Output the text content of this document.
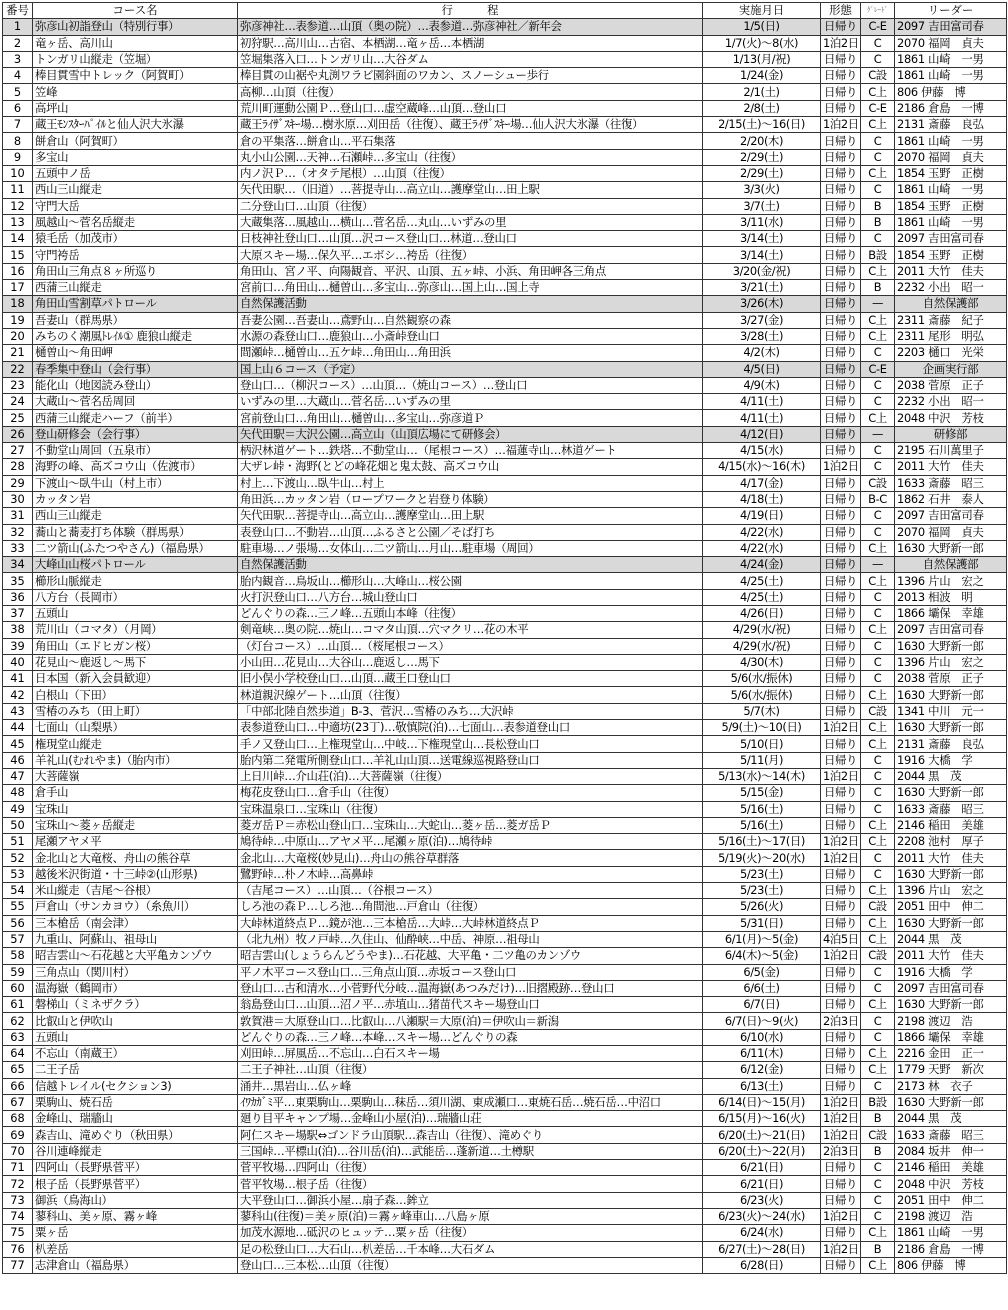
番号	コース名	行　　　程	実施月日	形態	ｸﾞﾚｰﾄﾞ	リーダー
1	弥彦山初詣登山（特別行事）	弥彦神社…表参道…山頂（奥の院）…表参道…弥彦神社／新年会	1/5(日)	日帰り	C-E	2097 吉田富司春
2	竜ヶ岳、高川山	初狩駅…高川山…古宿、本栖湖…竜ヶ岳…本栖湖	1/7(火)～8(水)	1泊2日	C	2070 福岡　貞夫
3	トンガリ山縦走（笠堀）	笠堀集落入口…トンガリ山…大谷ダム	1/13(月/祝)	日帰り	C	1861 山崎　一男
4	棒目貫雪中トレック（阿賀町）	棒目貫の山裾や丸渕ワラビ園斜面のワカン、スノーシュー歩行	1/24(金)	日帰り	C設	1861 山崎　一男
5	笠峰	高柳…山頂（往復）	2/1(土)	日帰り	C上	806 伊藤　博
6	高坪山	荒川町運動公園Ｐ…登山口…虚空蔵峰…山頂…登山口	2/8(土)	日帰り	C-E	2186 倉島　一博
7	蔵王ﾓﾝｽﾀｰﾊﾟｲﾙと仙人沢大氷瀑	蔵王ﾗｲｻﾞｽｷｰ場…樹氷原…刈田岳（往復）、蔵王ﾗｲｻﾞｽｷｰ場…仙人沢大氷瀑（往復）	2/15(土)～16(日)	1泊2日	C上	2131 斎藤　良弘
8	餅倉山（阿賀町）	倉の平集落…餅倉山…平石集落	2/20(木)	日帰り	C	1861 山崎　一男
9	多宝山	丸小山公園…天神…石瀬峠…多宝山（往復）	2/29(土)	日帰り	C	2070 福岡　貞夫
10	五頭中ノ岳	内ノ沢Ｐ…（オタテ尾根）…山頂（往復）	2/29(土)	日帰り	C上	1854 玉野　正樹
11	西山三山縦走	矢代田駅…（旧道）…菩提寺山…高立山…護摩堂山…田上駅	3/3(火)	日帰り	C	1861 山崎　一男
12	守門大岳	二分登山口…山頂（往復）	3/7(土)	日帰り	B	1854 玉野　正樹
13	風越山～菅名岳縦走	大蔵集落…風越山…横山…菅名岳…丸山…いずみの里	3/11(水)	日帰り	B	1861 山崎　一男
14	猿毛岳（加茂市）	日枝神社登山口…山頂…沢コース登山口…林道…登山口	3/14(土)	日帰り	C	2097 吉田富司春
15	守門袴岳	大原スキー場…保久平…エボシ…袴岳（往復）	3/14(土)	日帰り	B設	1854 玉野　正樹
16	角田山三角点８ヶ所巡り	角田山、宮ノ平、向陽観音、平沢、山頂、五ヶ峠、小浜、角田岬各三角点	3/20(金/祝)	日帰り	C上	2011 大竹　佳夫
17	西蒲三山縦走	宮前口…角田山…樋曽山…多宝山…弥彦山…国上山…国上寺	3/21(土)	日帰り	B	2232 小出　昭一
18	角田山雪割草パトロール	自然保護活動	3/26(木)	日帰り	—	自然保護部
19	吾妻山（群馬県）	吾妻公園…吾妻山…鳶野山…自然観察の森	3/27(金)	日帰り	C上	2311 斎藤　紀子
20	みちのく潮風ﾄﾚｲﾙ① 鹿狼山縦走	水源の森登山口…鹿狼山…小斎峠登山口	3/28(土)	日帰り	C上	2311 尾形　明弘
21	樋曽山～角田岬	間瀬峠…樋曽山…五ケ峠…角田山…角田浜	4/2(木)	日帰り	C	2203 樋口　光栄
22	春季集中登山（会行事）	国上山６コース（予定）	4/5(日)	日帰り	C-E	企画実行部
23	能化山（地図読み登山）	登山口…（柳沢コース）…山頂…（焼山コース）…登山口	4/9(木)	日帰り	C	2038 菅原　正子
24	大蔵山～菅名岳周回	いずみの里…大蔵山…菅名岳…いずみの里	4/11(土)	日帰り	C	2232 小出　昭一
25	西蒲三山縦走ハーフ（前半）	宮前登山口…角田山…樋曽山…多宝山…弥彦道Ｐ	4/11(土)	日帰り	C上	2048 中沢　芳枝
26	登山研修会（会行事）	矢代田駅＝大沢公園…高立山（山頂広場にて研修会）	4/12(日)	日帰り	—	研修部
27	不動堂山周回（五泉市）	柄沢林道ゲート…鉄塔…不動堂山…（尾根コース）…福蓮寺山…林道ゲート	4/15(水)	日帰り	C	2195 石川萬里子
28	海野の峰、高ズコウ山（佐渡市）	大ザレ峠・海野(とどの峰花畑と鬼太鼓、高ズコウ山	4/15(水)～16(木)	1泊2日	C	2011 大竹　佳夫
29	下渡山～臥牛山（村上市）	村上…下渡山…臥牛山…村上	4/17(金)	日帰り	C設	1633 斎藤　昭三
30	カッタン岩	角田浜…カッタン岩（ロープワークと岩登り体験）	4/18(土)	日帰り	B-C	1862 石井　泰人
31	西山三山縦走	矢代田駅…菩提寺山…高立山…護摩堂山…田上駅	4/19(日)	日帰り	C	2097 吉田富司春
32	蕎山と蕎麦打ち体験（群馬県）	表登山口…不動岩…山頂…ふるさと公園／そば打ち	4/22(水)	日帰り	C	2070 福岡　貞夫
33	二ツ箭山(ふたつやさん)（福島県）	駐車場…ノ張場…女体山…二ツ箭山…月山…駐車場（周回）	4/22(水)	日帰り	C上	1630 大野新一郎
34	大峰山山桜パトロール	自然保護活動	4/24(金)	日帰り	—	自然保護部
35	櫛形山脈縦走	胎内観音…鳥坂山…櫛形山…大峰山…桜公園	4/25(土)	日帰り	C上	1396 片山　宏之
36	八方台（長岡市）	火打沢登山口…八方台…城山登山口	4/25(土)	日帰り	C	2013 相波　明
37	五頭山	どんぐりの森…三ノ峰…五頭山本峰（往復）	4/26(日)	日帰り	C	1866 壩保　幸雄
38	荒川山（コマタ）（月岡）	剣竜峡…奥の院…焼山…コマタ山頂…穴マクリ…花の木平	4/29(水/祝)	日帰り	C上	2097 吉田富司春
39	角田山（エドヒガン桜）	（灯台コース）…山頂…（桜尾根コース）	4/29(水/祝)	日帰り	C	1630 大野新一郎
40	花見山～鹿返し～馬下	小山田…花見山…大谷山…鹿返し…馬下	4/30(木)	日帰り	C	1396 片山　宏之
41	日本国（新入会員歓迎）	旧小俣小学校登山口…山頂…蔵王口登山口	5/6(水/振休)	日帰り	C	2038 菅原　正子
42	白根山（下田）	林道親沢線ゲート…山頂（往復）	5/6(水/振休)	日帰り	C上	1630 大野新一郎
43	雪椿のみち（田上町）	「中部北陸自然歩道」B-3、菅沢…雪椿のみち…大沢峠	5/7(木)	日帰り	C設	1341 中川　元一
44	七面山（山梨県）	表参道登山口…中適坊(23丁)…敬慎院(泊)…七面山…表参道登山口	5/9(土)～10(日)	1泊2日	C上	1630 大野新一郎
45	権現堂山縦走	手ノ又登山口…上権現堂山…中岐…下権現堂山…長松登山口	5/10(日)	日帰り	C上	2131 斎藤　良弘
46	羊礼山(むれやま)（胎内市）	胎内第二発電所側登山口…羊礼山山頂…送電線巡視路登山口	5/11(月)	日帰り	C	1916 大橋　学
47	大菩薩嶺	上日川峠…介山荘(泊)…大菩薩嶺（往復）	5/13(水)～14(木)	1泊2日	C	2044 黒　茂
48	倉手山	梅花皮登山口…倉手山（往復）	5/15(金)	日帰り	C	1630 大野新一郎
49	宝珠山	宝珠温泉口…宝珠山（往復）	5/16(土)	日帰り	C	1633 斎藤　昭三
50	宝珠山～菱ヶ岳縦走	菱ガ岳Ｐ＝赤松山登山口…宝珠山…大蛇山…菱ヶ岳…菱ガ岳Ｐ	5/16(土)	日帰り	C上	2146 稲田　美雄
51	尾瀬アヤメ平	鳩待峠…中原山…アヤメ平…尾瀬ヶ原(泊)…鳩待峠	5/16(土)～17(日)	1泊2日	C上	2208 池村　厚子
52	金北山と大竜桜、舟山の熊谷草	金北山…大竜桜(妙見山)…舟山の熊谷草群落	5/19(火)～20(水)	1泊2日	C	2011 大竹　佳夫
53	越後米沢街道・十三峠②(山形県)	鷺野峠…朴ノ木峠…高鼻峠	5/23(土)	日帰り	C	1630 大野新一郎
54	米山縦走（吉尾～谷根）	（吉尾コース）…山頂…（谷根コース）	5/23(土)	日帰り	C上	1396 片山　宏之
55	戸倉山（サンカヨウ）（糸魚川）	しろ池の森Ｐ…しろ池…角間池…戸倉山（往復）	5/26(火)	日帰り	C設	2051 田中　伸二
56	三本槍岳（南会津）	大峠林道終点Ｐ…鏡が池…三本槍岳…大峠…大峠林道終点Ｐ	5/31(日)	日帰り	C上	1630 大野新一郎
57	九重山、阿蘇山、祖母山	（北九州）牧ノ戸峠…久住山、仙酔峡…中岳、神原…祖母山	6/1(月)～5(金)	4泊5日	C上	2044 黒　茂
58	昭吉雲山～石花越と大平亀カンゾウ	昭吉雲山(しょうらんどうやま)…石花越、大平亀・二ツ亀のカンゾウ	6/4(木)～5(金)	1泊2日	C設	2011 大竹　佳夫
59	三角点山（関川村）	平ノ木平コース登山口…三角点山頂…赤坂コース登山口	6/5(金)	日帰り	C	1916 大橋　学
60	温海嶽（鶴岡市）	登山口…古和清水…小菅野代分岐…温海嶽(あつみだけ)…旧摺殿跡…登山口	6/6(土)	日帰り	C	2097 吉田富司春
61	磐梯山（ミネザクラ）	翁島登山口…山頂…沼ノ平…赤埴山…猪苗代スキー場登山口	6/7(日)	日帰り	C上	1630 大野新一郎
62	比叡山と伊吹山	敦賀港＝大原登山口…比叡山…八瀬駅＝大原(泊)＝伊吹山＝新潟	6/7(日)～9(火)	2泊3日	C	2198 渡辺　浩
63	五頭山	どんぐりの森…三ノ峰…本峰…スキー場…どんぐりの森	6/10(水)	日帰り	C	1866 壩保　幸雄
64	不忘山（南蔵王）	刈田峠…屏風岳…不忘山…白石スキー場	6/11(木)	日帰り	C上	2216 金田　正一
65	二王子岳	二王子神社…山頂（往復）	6/12(金)	日帰り	C上	1779 天野　新次
66	信越トレイル(セクション3)	涌井…黒岩山…仏ヶ峰	6/13(土)	日帰り	C	2173 林　衣子
67	栗駒山、焼石岳	ｲﾜｶｶﾞﾐ平…東栗駒山…栗駒山…秣岳…須川湖、東成瀬口…東焼石岳…焼石岳…中沼口	6/14(日)～15(月)	1泊2日	B設	1630 大野新一郎
68	金峰山、瑞牆山	廻り目平キャンプ場…金峰山小屋(泊)…瑞牆山荘	6/15(月)～16(火)	1泊2日	B	2044 黒　茂
69	森吉山、滝めぐり（秋田県）	阿仁スキー場駅⇔ゴンドラ山頂駅…森吉山（往復）、滝めぐり	6/20(土)～21(日)	1泊2日	C設	1633 斎藤　昭三
70	谷川連峰縦走	三国峠…平標山(泊)…谷川岳(泊)…武能岳…蓬新道…土樽駅	6/20(土)～22(月)	2泊3日	B	2084 坂井　伸一
71	四阿山（長野県菅平）	菅平牧場…四阿山（往復）	6/21(日)	日帰り	C	2146 稲田　美雄
72	根子岳（長野県菅平）	菅平牧場…根子岳（往復）	6/21(日)	日帰り	C	2048 中沢　芳枝
73	御浜（鳥海山）	大平登山口…御浜小屋…扇子森…鉾立	6/23(火)	日帰り	C	2051 田中　伸二
74	蓼科山、美ヶ原、霧ヶ峰	蓼科山(往復)＝美ヶ原(泊)＝霧ヶ峰車山…八島ヶ原	6/23(火)～24(水)	1泊2日	C	2198 渡辺　浩
75	粟ヶ岳	加茂水源地…砥沢のヒュッテ…粟ヶ岳（往復）	6/24(水)	日帰り	C上	1861 山崎　一男
76	朳差岳	足の松登山口…大石山…朳差岳…千本峰…大石ダム	6/27(土)～28(日)	1泊2日	B	2186 倉島　一博
77	志津倉山（福島県）	登山口…三本松…山頂（往復）	6/28(日)	日帰り	C上	806 伊藤　博
